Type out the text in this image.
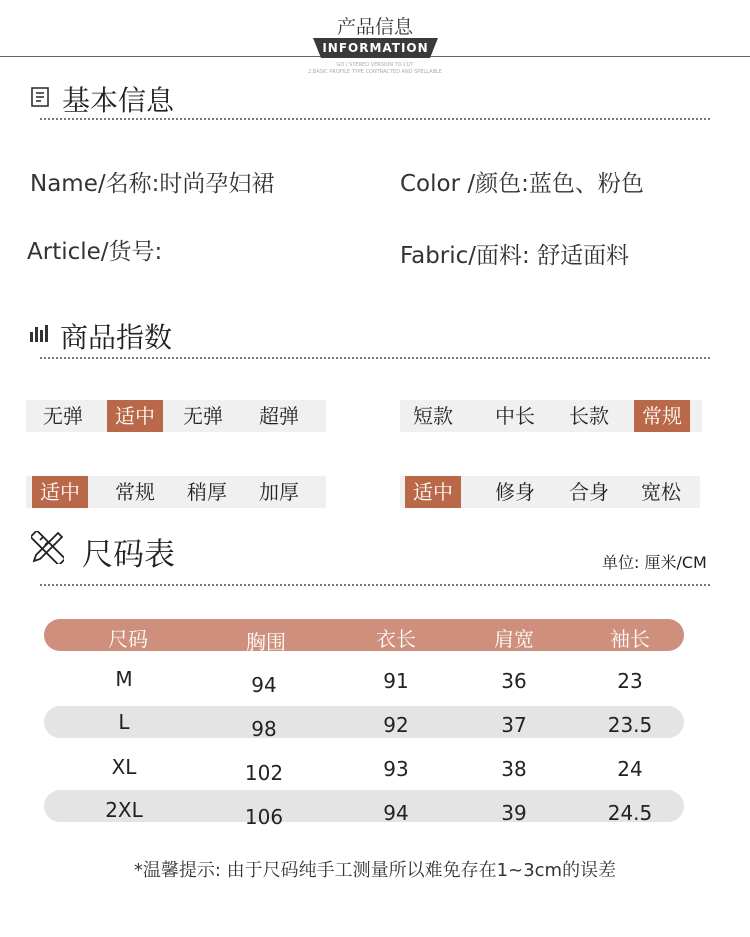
产品信息
INFORMATION
GO / STEREO VERSION TO CUT
2.BASIC PROFILE TYPE CONTRACTED AND SPELLABLE
基本信息
Name/名称:时尚孕妇裙	Color /颜色:蓝色、粉色
Article/货号:	Fabric/面料: 舒适面料
商品指数
无弹	适中	无弹	超弹	短款	中长	长款	常规
适中	常规	稍厚	加厚	适中	修身	合身	宽松
尺码表	单位: 厘米/CM
尺码	胸围	衣长	肩宽	袖长
M	94	91	36	23
L	98	92	37	23.5
XL	102	93	38	24
2XL	106	94	39	24.5
*温馨提示: 由于尺码纯手工测量所以难免存在1~3cm的误差
